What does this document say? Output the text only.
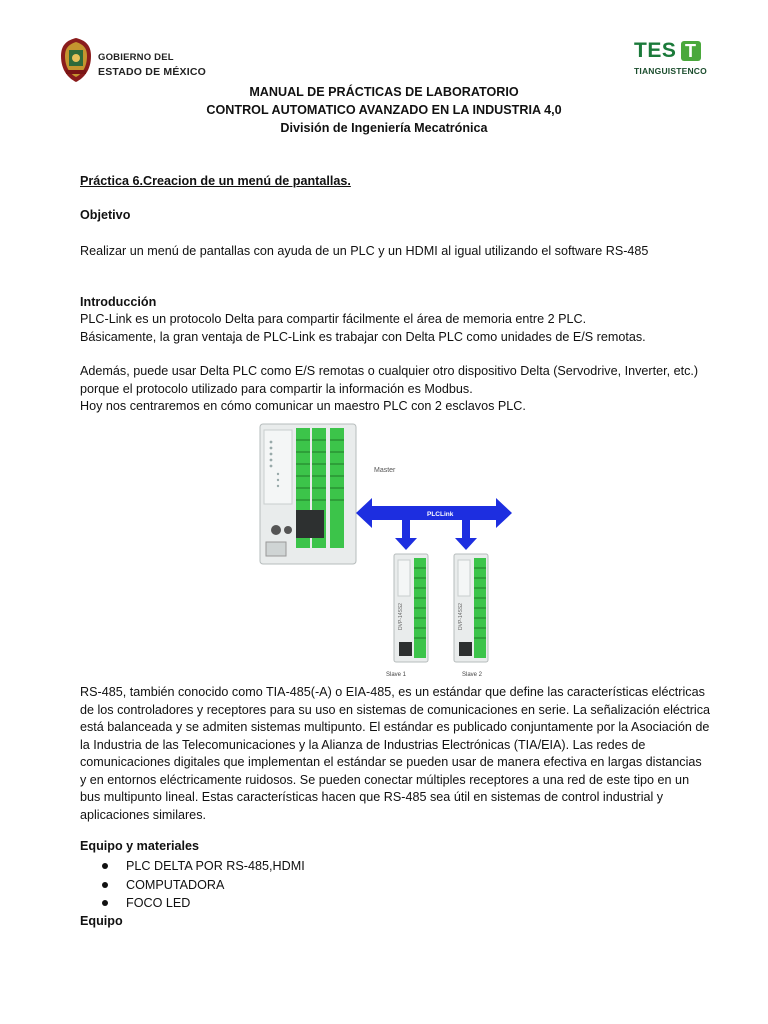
GOBIERNO DEL
ESTADO DE MÉXICO
TES T
TIANGUISTENCO
MANUAL DE PRÁCTICAS DE LABORATORIO
CONTROL AUTOMATICO AVANZADO EN LA INDUSTRIA 4,0
División de Ingeniería Mecatrónica
Práctica 6.Creacion de un menú de pantallas.
Objetivo
Realizar un menú de pantallas con ayuda de un PLC y un HDMI al igual utilizando el software RS-485
Introducción
PLC-Link es un protocolo Delta para compartir fácilmente el área de memoria entre 2 PLC.
Básicamente, la gran ventaja de PLC-Link es trabajar con Delta PLC como unidades de E/S remotas.
Además, puede usar Delta PLC como E/S remotas o cualquier otro dispositivo Delta (Servodrive, Inverter, etc.)
porque el protocolo utilizado para compartir la información es Modbus.
Hoy nos centraremos en cómo comunicar un maestro PLC con 2 esclavos PLC.
Master
PLCLink
DVP-14SS2
Slave 1
DVP-14SS2
Slave 2
RS-485, también conocido como TIA-485(-A) o EIA-485, es un estándar que define las características eléctricas
de los controladores y receptores para su uso en sistemas de comunicaciones en serie. La señalización eléctrica
está balanceada y se admiten sistemas multipunto. El estándar es publicado conjuntamente por la Asociación de
la Industria de las Telecomunicaciones y la Alianza de Industrias Electrónicas (TIA/EIA). Las redes de
comunicaciones digitales que implementan el estándar se pueden usar de manera efectiva en largas distancias
y en entornos eléctricamente ruidosos. Se pueden conectar múltiples receptores a una red de este tipo en un
bus multipunto lineal. Estas características hacen que RS-485 sea útil en sistemas de control industrial y
aplicaciones similares.
Equipo y materiales
PLC DELTA POR RS-485,HDMI
COMPUTADORA
FOCO LED
Equipo
